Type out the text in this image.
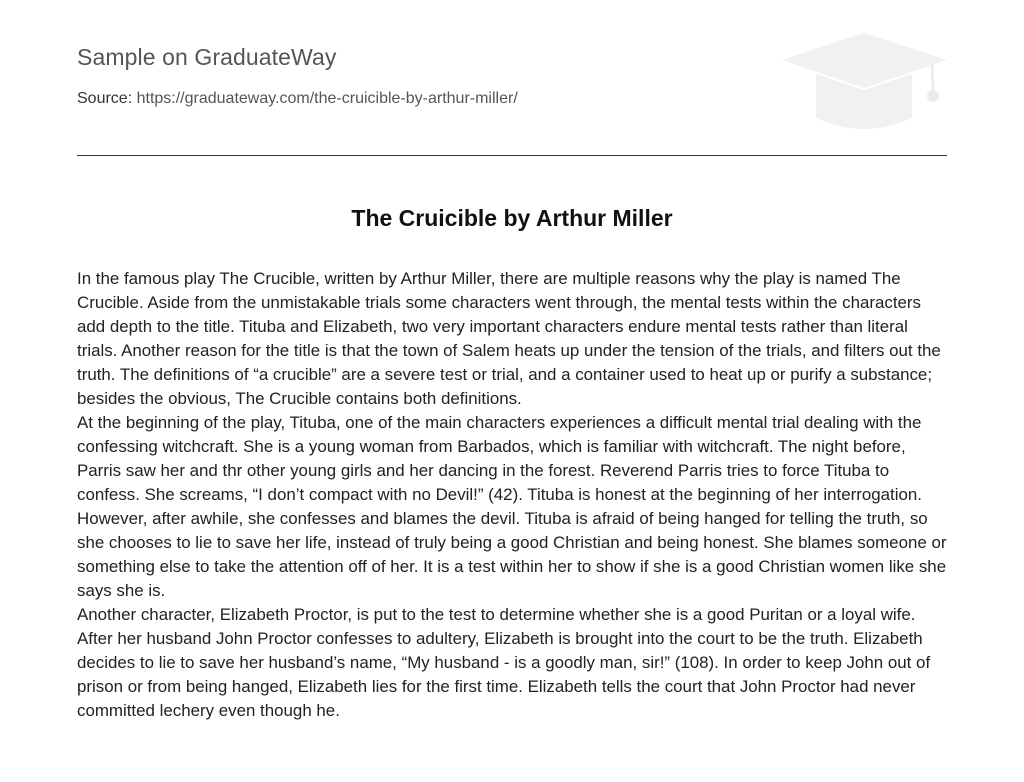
Sample on GraduateWay
Source: https://graduateway.com/the-cruicible-by-arthur-miller/
The Cruicible by Arthur Miller

In the famous play The Crucible, written by Arthur Miller, there are multiple reasons why the play is named The Crucible. Aside from the unmistakable trials some characters went through, the mental tests within the characters add depth to the title. Tituba and Elizabeth, two very important characters endure mental tests rather than literal trials. Another reason for the title is that the town of Salem heats up under the tension of the trials, and filters out the truth. The definitions of “a crucible” are a severe test or trial, and a container used to heat up or purify a substance; besides the obvious, The Crucible contains both definitions.

At the beginning of the play, Tituba, one of the main characters experiences a difficult mental trial dealing with the confessing witchcraft. She is a young woman from Barbados, which is familiar with witchcraft. The night before, Parris saw her and thr other young girls and her dancing in the forest. Reverend Parris tries to force Tituba to confess. She screams, “I don’t compact with no Devil!” (42). Tituba is honest at the beginning of her interrogation. However, after awhile, she confesses and blames the devil. Tituba is afraid of being hanged for telling the truth, so she chooses to lie to save her life, instead of truly being a good Christian and being honest. She blames someone or something else to take the attention off of her. It is a test within her to show if she is a good Christian women like she says she is.

Another character, Elizabeth Proctor, is put to the test to determine whether she is a good Puritan or a loyal wife. After her husband John Proctor confesses to adultery, Elizabeth is brought into the court to be the truth. Elizabeth decides to lie to save her husband’s name, “My husband - is a goodly man, sir!” (108). In order to keep John out of prison or from being hanged, Elizabeth lies for the first time. Elizabeth tells the court that John Proctor had never committed lechery even though he.
